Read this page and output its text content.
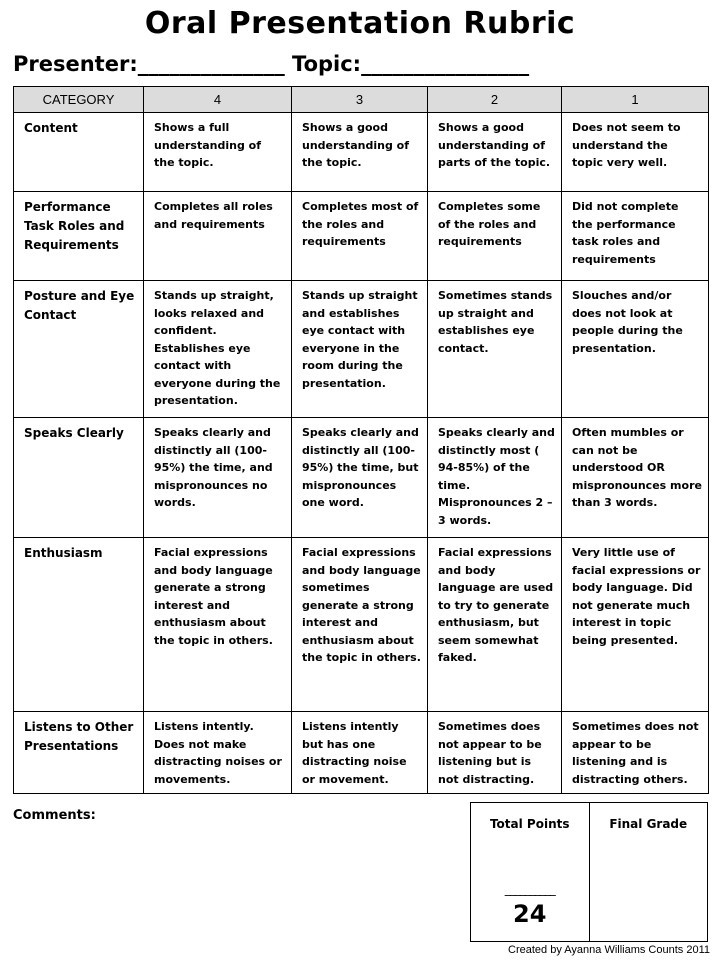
Oral Presentation Rubric
Presenter:______________ Topic:________________
CATEGORY	4	3	2	1
Content	Shows a full understanding of the topic.	Shows a good understanding of the topic.	Shows a good understanding of parts of the topic.	Does not seem to understand the topic very well.
Performance Task Roles and Requirements	Completes all roles and requirements	Completes most of the roles and requirements	Completes some of the roles and requirements	Did not complete the performance task roles and requirements
Posture and Eye Contact	Stands up straight, looks relaxed and confident. Establishes eye contact with everyone during the presentation.	Stands up straight and establishes eye contact with everyone in the room during the presentation.	Sometimes stands up straight and establishes eye contact.	Slouches and/or does not look at people during the presentation.
Speaks Clearly	Speaks clearly and distinctly all (100-95%) the time, and mispronounces no words.	Speaks clearly and distinctly all (100-95%) the time, but mispronounces one word.	Speaks clearly and distinctly most ( 94-85%) of the time. Mispronounces 2 – 3 words.	Often mumbles or can not be understood OR mispronounces more than 3 words.
Enthusiasm	Facial expressions and body language generate a strong interest and enthusiasm about the topic in others.	Facial expressions and body language sometimes generate a strong interest and enthusiasm about the topic in others.	Facial expressions and body language are used to try to generate enthusiasm, but seem somewhat faked.	Very little use of facial expressions or body language. Did not generate much interest in topic being presented.
Listens to Other Presentations	Listens intently. Does not make distracting noises or movements.	Listens intently but has one distracting noise or movement.	Sometimes does not appear to be listening but is not distracting.	Sometimes does not appear to be listening and is distracting others.
Comments:
Total Points
__________
24
	Final Grade
Created by Ayanna Williams Counts 2011
